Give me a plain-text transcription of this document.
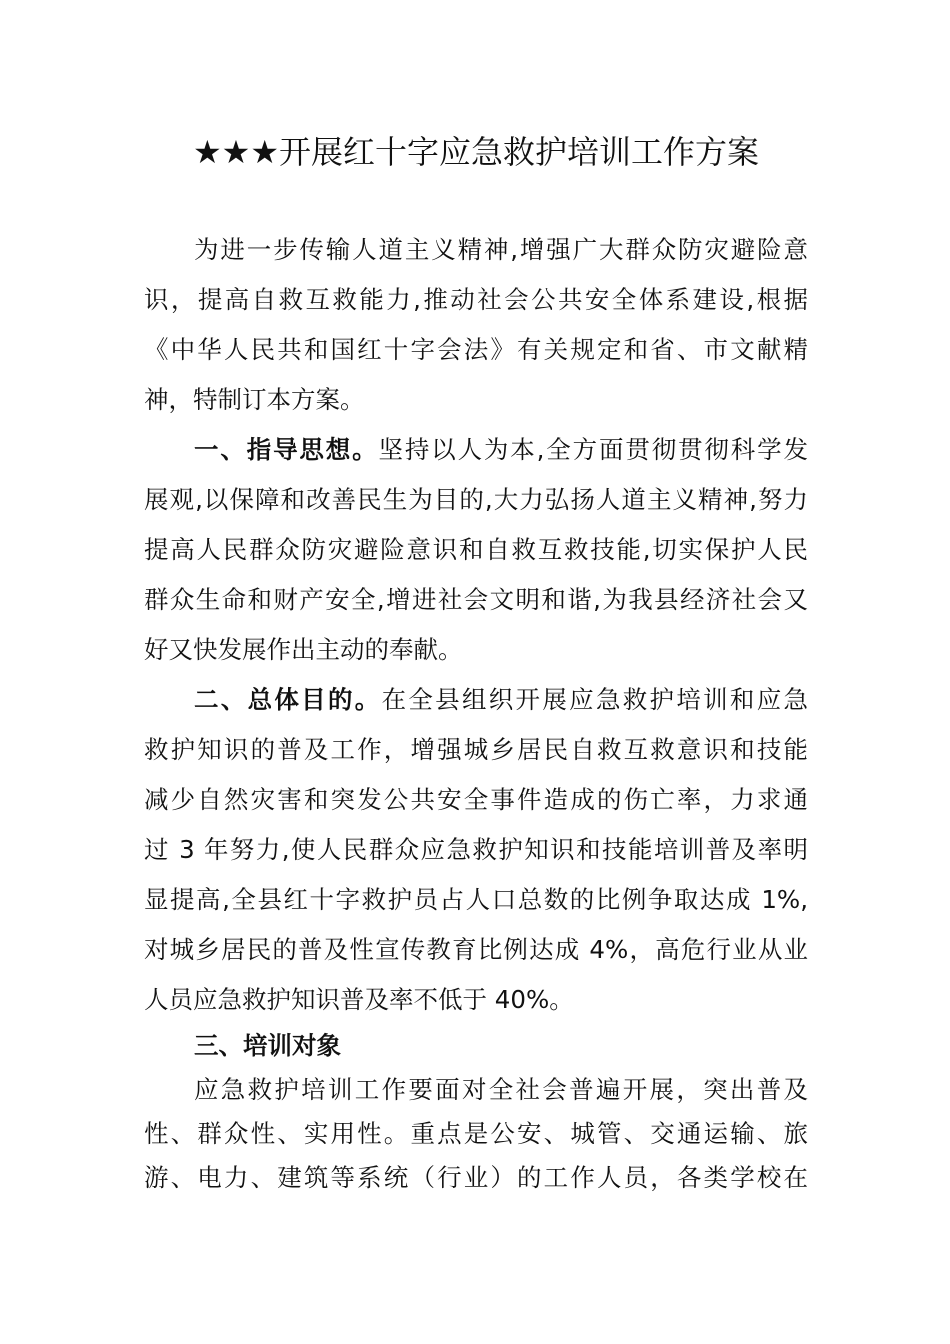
★★★开展红十字应急救护培训工作方案
为进一步传输人道主义精神,增强广大群众防灾避险意
识，提高自救互救能力,推动社会公共安全体系建设,根据
《中华人民共和国红十字会法》有关规定和省、市文献精
神，特制订本方案。
一、指导思想。坚持以人为本,全方面贯彻贯彻科学发
展观,以保障和改善民生为目的,大力弘扬人道主义精神,努力
提高人民群众防灾避险意识和自救互救技能,切实保护人民
群众生命和财产安全,增进社会文明和谐,为我县经济社会又
好又快发展作出主动的奉献。
二、总体目的。在全县组织开展应急救护培训和应急
救护知识的普及工作，增强城乡居民自救互救意识和技能
减少自然灾害和突发公共安全事件造成的伤亡率，力求通
过 3 年努力,使人民群众应急救护知识和技能培训普及率明
显提高,全县红十字救护员占人口总数的比例争取达成 1%,
对城乡居民的普及性宣传教育比例达成 4%，高危行业从业
人员应急救护知识普及率不低于 40%。
三、培训对象
应急救护培训工作要面对全社会普遍开展，突出普及
性、群众性、实用性。重点是公安、城管、交通运输、旅
游、电力、建筑等系统（行业）的工作人员，各类学校在
